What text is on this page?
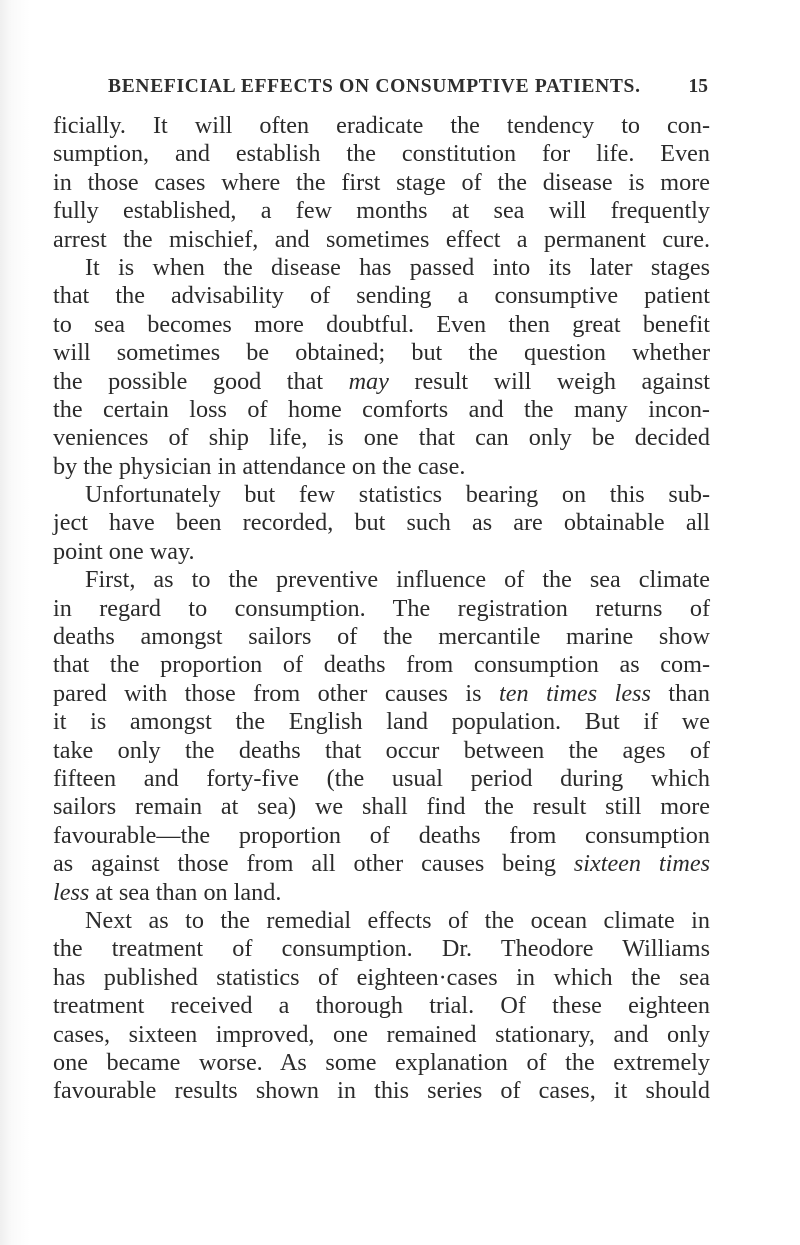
BENEFICIAL EFFECTS ON CONSUMPTIVE PATIENTS. 15
ficially. It will often eradicate the tendency to con-
sumption, and establish the constitution for life. Even
in those cases where the first stage of the disease is more
fully established, a few months at sea will frequently
arrest the mischief, and sometimes effect a permanent cure.
It is when the disease has passed into its later stages
that the advisability of sending a consumptive patient
to sea becomes more doubtful. Even then great benefit
will sometimes be obtained; but the question whether
the possible good that may result will weigh against
the certain loss of home comforts and the many incon-
veniences of ship life, is one that can only be decided
by the physician in attendance on the case.
Unfortunately but few statistics bearing on this sub-
ject have been recorded, but such as are obtainable all
point one way.
First, as to the preventive influence of the sea climate
in regard to consumption. The registration returns of
deaths amongst sailors of the mercantile marine show
that the proportion of deaths from consumption as com-
pared with those from other causes is ten times less than
it is amongst the English land population. But if we
take only the deaths that occur between the ages of
fifteen and forty-five (the usual period during which
sailors remain at sea) we shall find the result still more
favourable—the proportion of deaths from consumption
as against those from all other causes being sixteen times
less at sea than on land.
Next as to the remedial effects of the ocean climate in
the treatment of consumption. Dr. Theodore Williams
has published statistics of eighteen·cases in which the sea
treatment received a thorough trial. Of these eighteen
cases, sixteen improved, one remained stationary, and only
one became worse. As some explanation of the extremely
favourable results shown in this series of cases, it should
